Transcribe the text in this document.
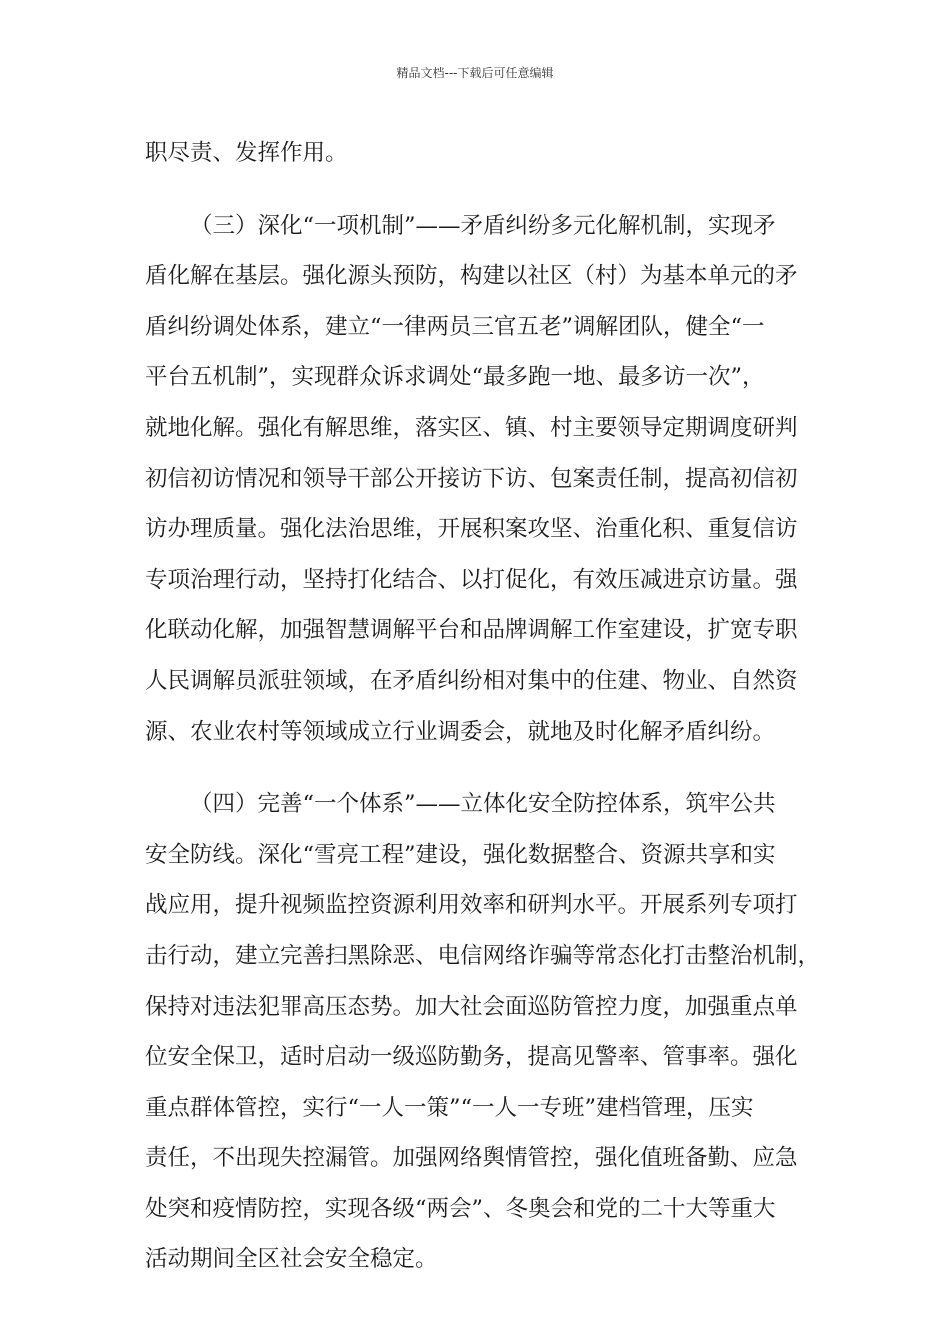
精品文档---下载后可任意编辑
职尽责、发挥作用。
（三）深化“一项机制”——矛盾纠纷多元化解机制，实现矛
盾化解在基层。强化源头预防，构建以社区（村）为基本单元的矛
盾纠纷调处体系，建立“一律两员三官五老”调解团队，健全“一
平台五机制”，实现群众诉求调处“最多跑一地、最多访一次”，
就地化解。强化有解思维，落实区、镇、村主要领导定期调度研判
初信初访情况和领导干部公开接访下访、包案责任制，提高初信初
访办理质量。强化法治思维，开展积案攻坚、治重化积、重复信访
专项治理行动，坚持打化结合、以打促化，有效压减进京访量。强
化联动化解，加强智慧调解平台和品牌调解工作室建设，扩宽专职
人民调解员派驻领域，在矛盾纠纷相对集中的住建、物业、自然资
源、农业农村等领域成立行业调委会，就地及时化解矛盾纠纷。
（四）完善“一个体系”——立体化安全防控体系，筑牢公共
安全防线。深化“雪亮工程”建设，强化数据整合、资源共享和实
战应用，提升视频监控资源利用效率和研判水平。开展系列专项打
击行动，建立完善扫黑除恶、电信网络诈骗等常态化打击整治机制，
保持对违法犯罪高压态势。加大社会面巡防管控力度，加强重点单
位安全保卫，适时启动一级巡防勤务，提高见警率、管事率。强化
重点群体管控，实行“一人一策”“一人一专班”建档管理，压实
责任，不出现失控漏管。加强网络舆情管控，强化值班备勤、应急
处突和疫情防控，实现各级“两会”、冬奥会和党的二十大等重大
活动期间全区社会安全稳定。
